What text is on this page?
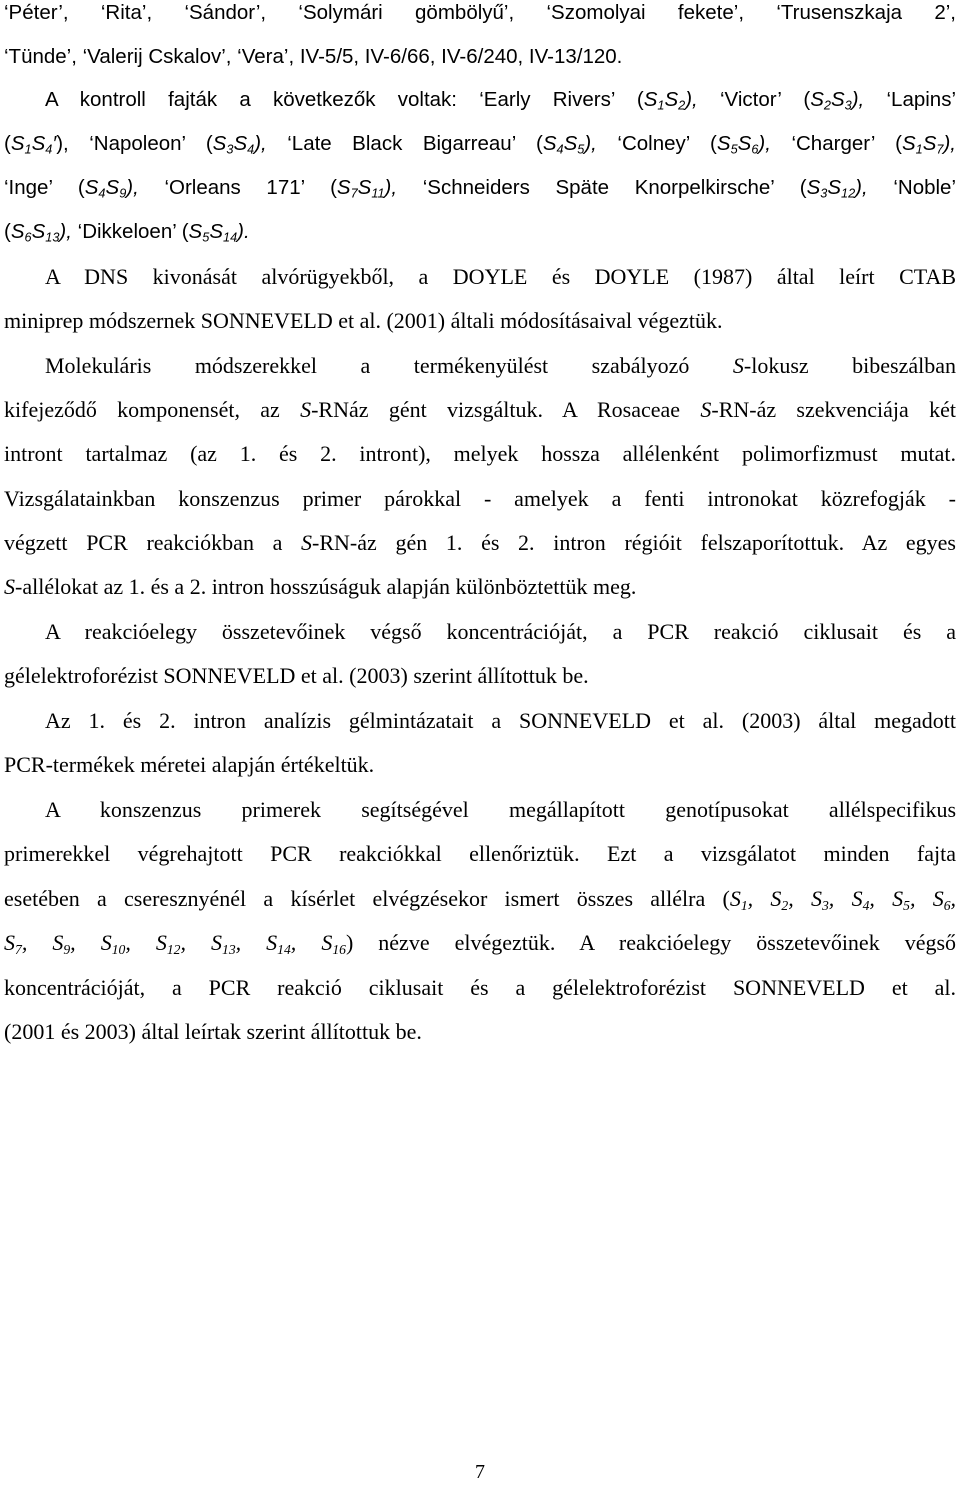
‘Péter’, ‘Rita’, ‘Sándor’, ‘Solymári gömbölyű’, ‘Szomolyai fekete’, ‘Trusenszkaja 2’,
‘Tünde’, ‘Valerij Cskalov’, ‘Vera’, IV-5/5, IV-6/66, IV-6/240, IV-13/120.
A kontroll fajták a következők voltak: ‘Early Rivers’ $(S_1S_2)$, ‘Victor’ $(S_2S_3)$, ‘Lapins’
$(S_1S_4')$, ‘Napoleon’ $(S_3S_4)$, ‘Late Black Bigarreau’ $(S_4S_5)$, ‘Colney’ $(S_5S_6)$, ‘Charger’ $(S_1S_7)$,
‘Inge’ $(S_4S_9)$, ‘Orleans 171’ $(S_7S_{11})$, ‘Schneiders Späte Knorpelkirsche’ $(S_3S_{12})$, ‘Noble’
$(S_6S_{13})$, ‘Dikkeloen’ $(S_5S_{14})$.
A DNS kivonását alvórügyekből, a DOYLE és DOYLE (1987) által leírt CTAB
miniprep módszernek SONNEVELD et al. (2001) általi módosításaival végeztük.
Molekuláris módszerekkel a termékenyülést szabályozó S-lokusz bibeszálban
kifejeződő komponensét, az S-RNáz gént vizsgáltuk. A Rosaceae S-RN-áz szekvenciája két
intront tartalmaz (az 1. és 2. intront), melyek hossza allélenként polimorfizmust mutat.
Vizsgálatainkban konszenzus primer párokkal - amelyek a fenti intronokat közrefogják -
végzett PCR reakciókban a S-RN-áz gén 1. és 2. intron régióit felszaporítottuk. Az egyes
S-allélokat az 1. és a 2. intron hosszúságuk alapján különböztettük meg.
A reakcióelegy összetevőinek végső koncentrációját, a PCR reakció ciklusait és a
gélelektroforézist SONNEVELD et al. (2003) szerint állítottuk be.
Az 1. és 2. intron analízis gélmintázatait a SONNEVELD et al. (2003) által megadott
PCR-termékek méretei alapján értékeltük.
A konszenzus primerek segítségével megállapított genotípusokat allélspecifikus
primerekkel végrehajtott PCR reakciókkal ellenőriztük. Ezt a vizsgálatot minden fajta
esetében a cseresznyénél a kísérlet elvégzésekor ismert összes allélra ($S_1$, $S_2$, $S_3$, $S_4$, $S_5$, $S_6$,
$S_7$, $S_9$, $S_{10}$, $S_{12}$, $S_{13}$, $S_{14}$, $S_{16}$) nézve elvégeztük. A reakcióelegy összetevőinek végső
koncentrációját, a PCR reakció ciklusait és a gélelektroforézist SONNEVELD et al.
(2001 és 2003) által leírtak szerint állítottuk be.
7
